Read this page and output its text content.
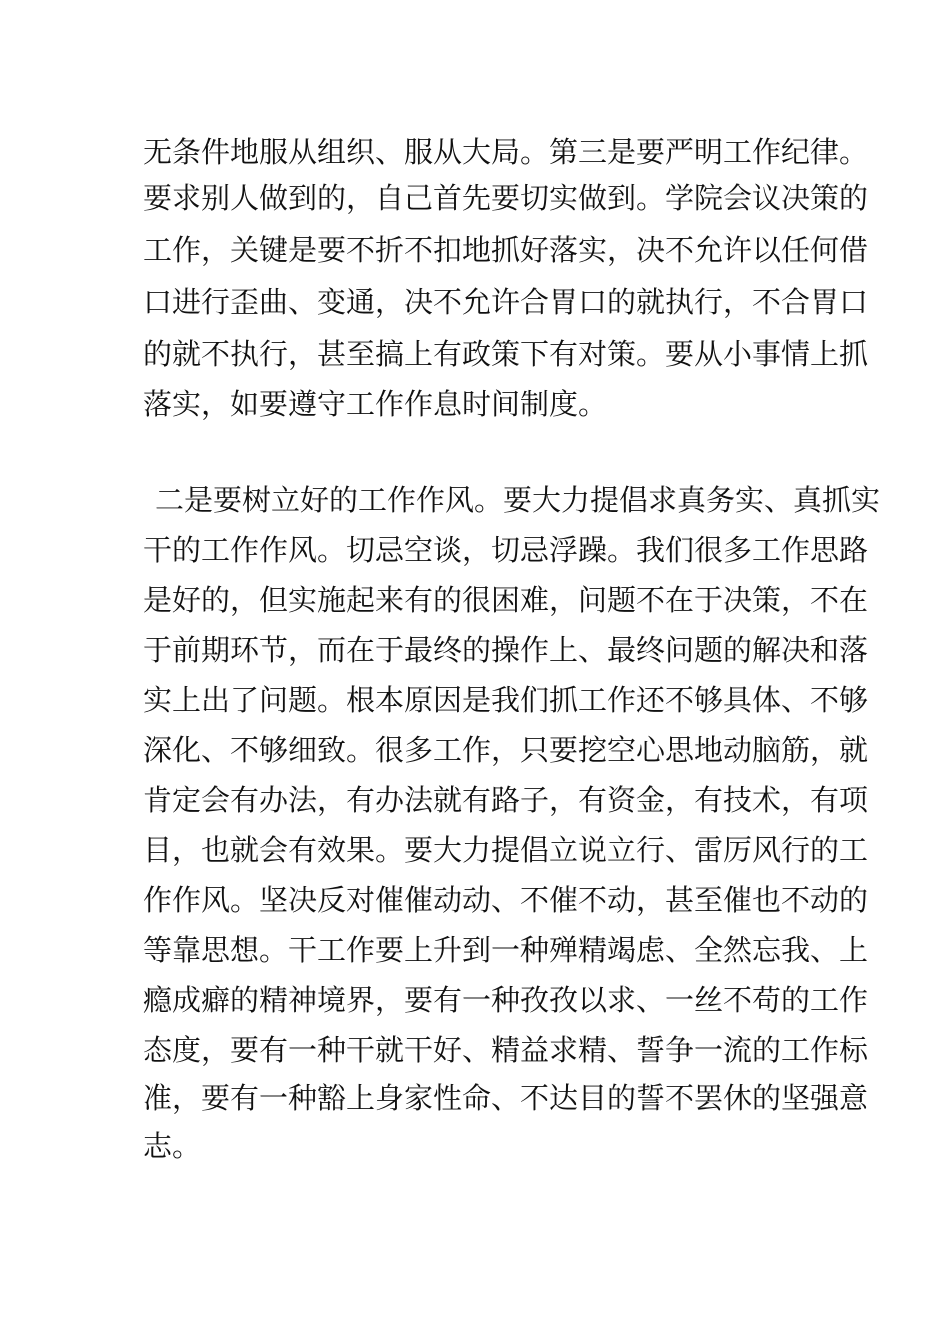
无条件地服从组织、服从大局。第三是要严明工作纪律。
要求别人做到的，自己首先要切实做到。学院会议决策的
工作，关键是要不折不扣地抓好落实，决不允许以任何借
口进行歪曲、变通，决不允许合胃口的就执行，不合胃口
的就不执行，甚至搞上有政策下有对策。要从小事情上抓
落实，如要遵守工作作息时间制度。
二是要树立好的工作作风。要大力提倡求真务实、真抓实
干的工作作风。切忌空谈，切忌浮躁。我们很多工作思路
是好的，但实施起来有的很困难，问题不在于决策，不在
于前期环节，而在于最终的操作上、最终问题的解决和落
实上出了问题。根本原因是我们抓工作还不够具体、不够
深化、不够细致。很多工作，只要挖空心思地动脑筋，就
肯定会有办法，有办法就有路子，有资金，有技术，有项
目，也就会有效果。要大力提倡立说立行、雷厉风行的工
作作风。坚决反对催催动动、不催不动，甚至催也不动的
等靠思想。干工作要上升到一种殚精竭虑、全然忘我、上
瘾成癖的精神境界，要有一种孜孜以求、一丝不苟的工作
态度，要有一种干就干好、精益求精、誓争一流的工作标
准，要有一种豁上身家性命、不达目的誓不罢休的坚强意
志。
